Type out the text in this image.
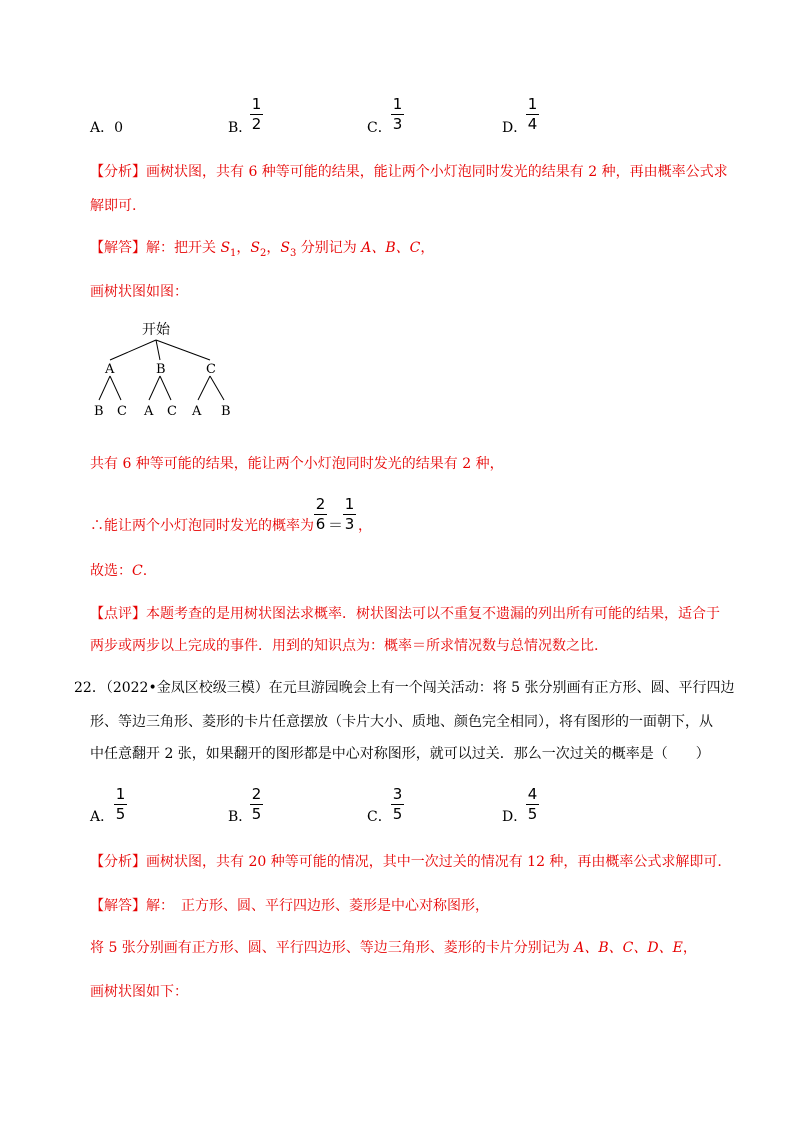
A．0	B．
1
2	C．
1
3	D．
1
4
【分析】画树状图，共有 6 种等可能的结果，能让两个小灯泡同时发光的结果有 2 种，再由概率公式求
解即可.
【解答】解：把开关 $S_1$，$S_2$，$S_3$ 分别记为 A、B、C，
画树状图如图：
开始
A	B	C
B C A C A B
共有 6 种等可能的结果，能让两个小灯泡同时发光的结果有 2 种，
∴能让两个小灯泡同时发光的概率为
2
6 ＝
1
3 ，
故选：C.
【点评】本题考查的是用树状图法求概率．树状图法可以不重复不遗漏的列出所有可能的结果，适合于
两步或两步以上完成的事件．用到的知识点为：概率＝所求情况数与总情况数之比.
22．（2022•金凤区校级三模）在元旦游园晚会上有一个闯关活动：将 5 张分别画有正方形、圆、平行四边
形、等边三角形、菱形的卡片任意摆放（卡片大小、质地、颜色完全相同），将有图形的一面朝下，从
中任意翻开 2 张，如果翻开的图形都是中心对称图形，就可以过关．那么一次过关的概率是（　　）
A．
1
5	B．
2
5	C．
3
5	D．
4
5
【分析】画树状图，共有 20 种等可能的情况，其中一次过关的情况有 12 种，再由概率公式求解即可.
【解答】解：　正方形、圆、平行四边形、菱形是中心对称图形，
将 5 张分别画有正方形、圆、平行四边形、等边三角形、菱形的卡片分别记为 A、B、C、D、E，
画树状图如下：
